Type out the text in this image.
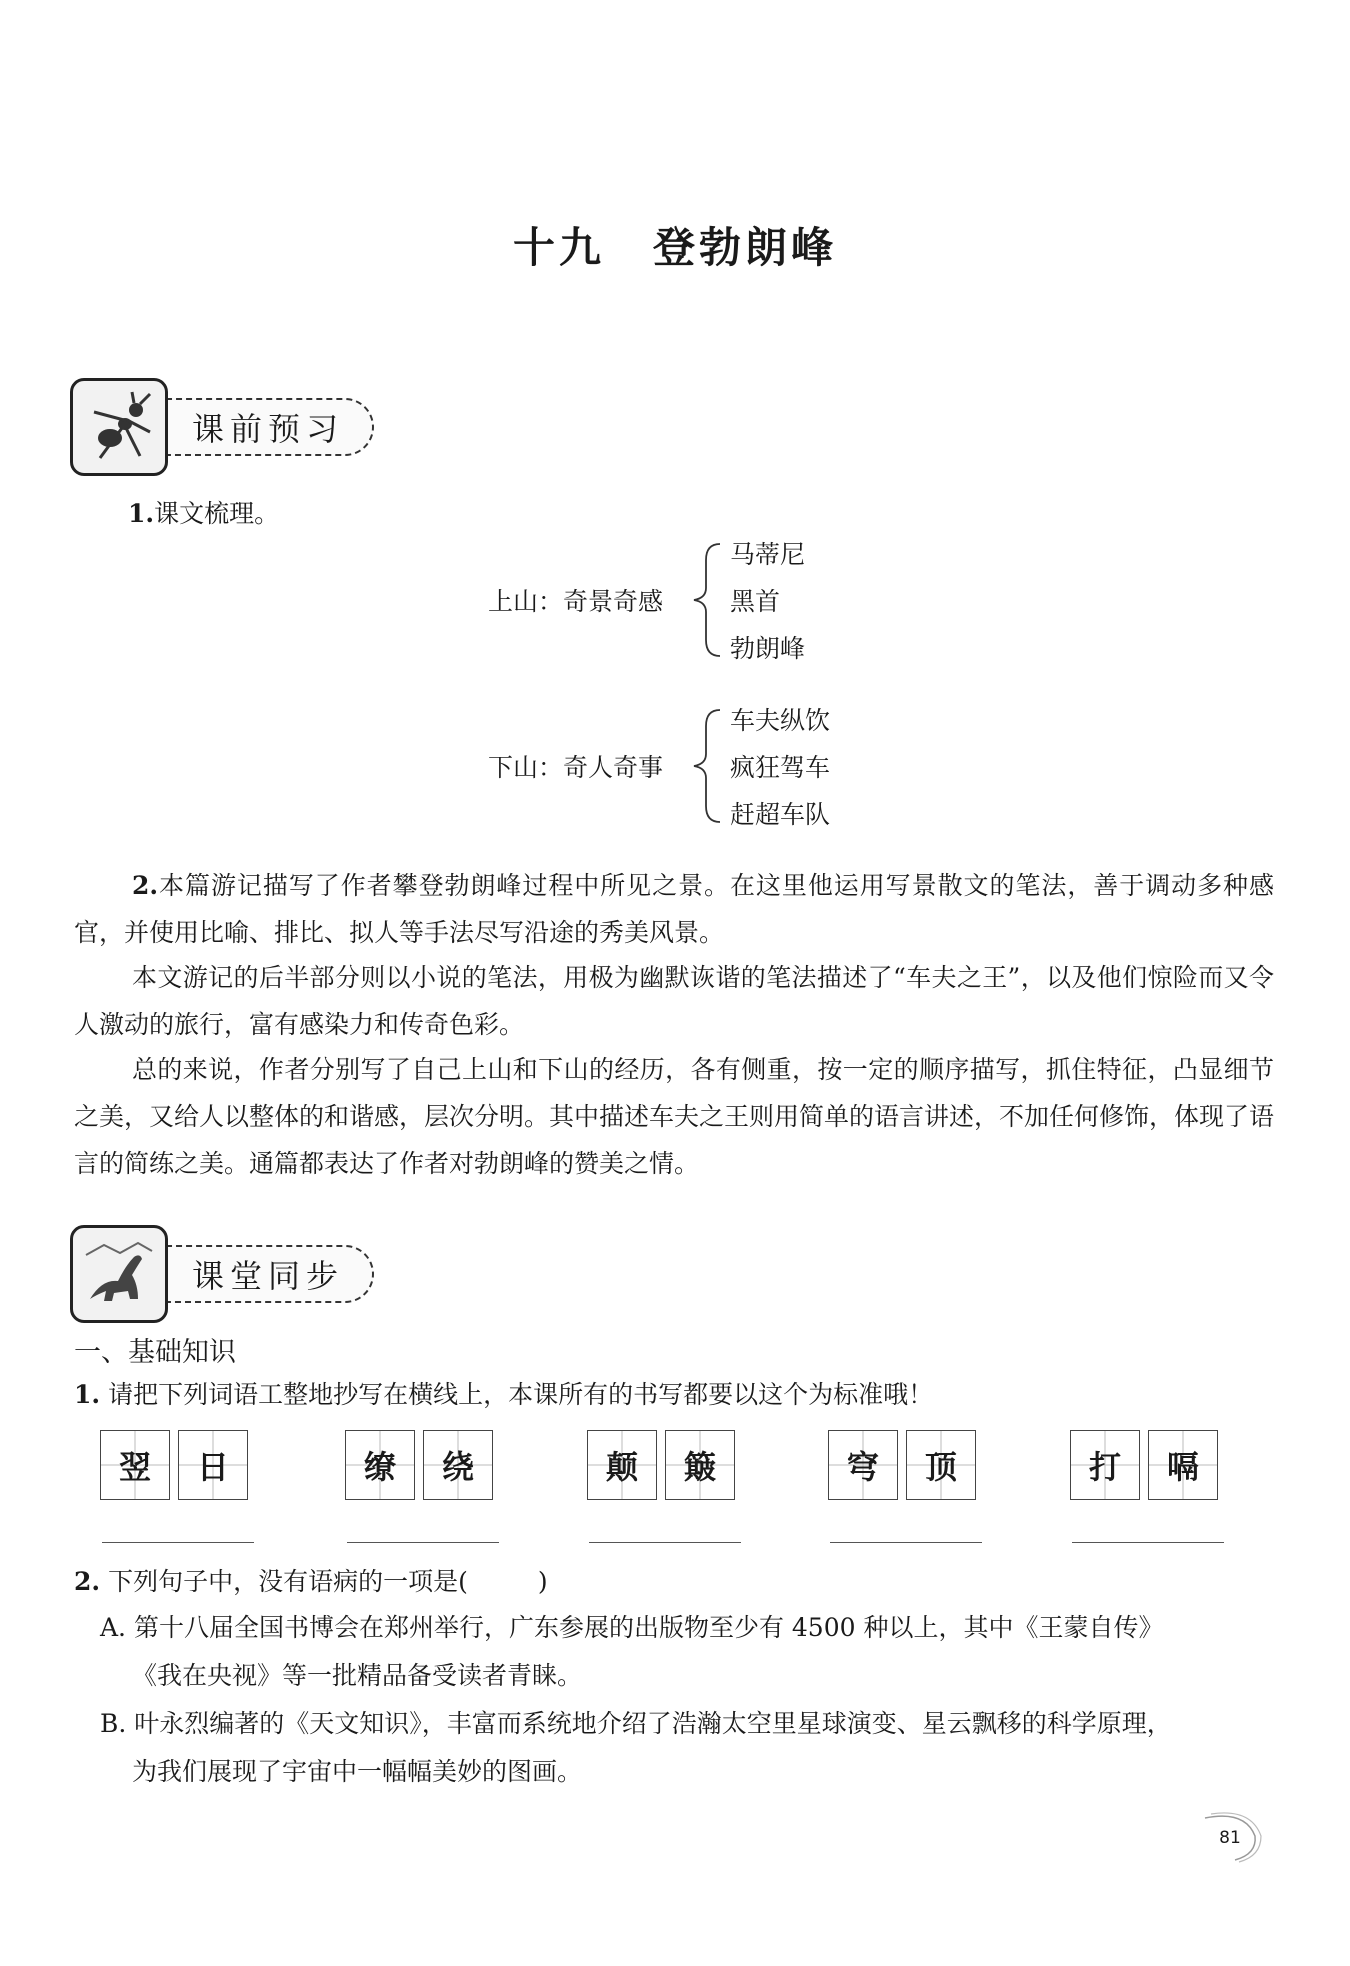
十九 登勃朗峰
课前预习
1.课文梳理。
上山：奇景奇感
马蒂尼
黑首
勃朗峰
下山：奇人奇事
车夫纵饮
疯狂驾车
赶超车队
2.本篇游记描写了作者攀登勃朗峰过程中所见之景。在这里他运用写景散文的笔法，善于调动多种感官，并使用比喻、排比、拟人等手法尽写沿途的秀美风景。
本文游记的后半部分则以小说的笔法，用极为幽默诙谐的笔法描述了“车夫之王”，以及他们惊险而又令人激动的旅行，富有感染力和传奇色彩。
总的来说，作者分别写了自己上山和下山的经历，各有侧重，按一定的顺序描写，抓住特征，凸显细节之美，又给人以整体的和谐感，层次分明。其中描述车夫之王则用简单的语言讲述，不加任何修饰，体现了语言的简练之美。通篇都表达了作者对勃朗峰的赞美之情。
课堂同步
一、基础知识
1. 请把下列词语工整地抄写在横线上，本课所有的书写都要以这个为标准哦！
翌	日	缭	绕	颠	簸	穹	顶	打	嗝
2. 下列句子中，没有语病的一项是(	)
A. 第十八届全国书博会在郑州举行，广东参展的出版物至少有 4500 种以上，其中《王蒙自传》
《我在央视》等一批精品备受读者青睐。
B. 叶永烈编著的《天文知识》，丰富而系统地介绍了浩瀚太空里星球演变、星云飘移的科学原理，
为我们展现了宇宙中一幅幅美妙的图画。
81
